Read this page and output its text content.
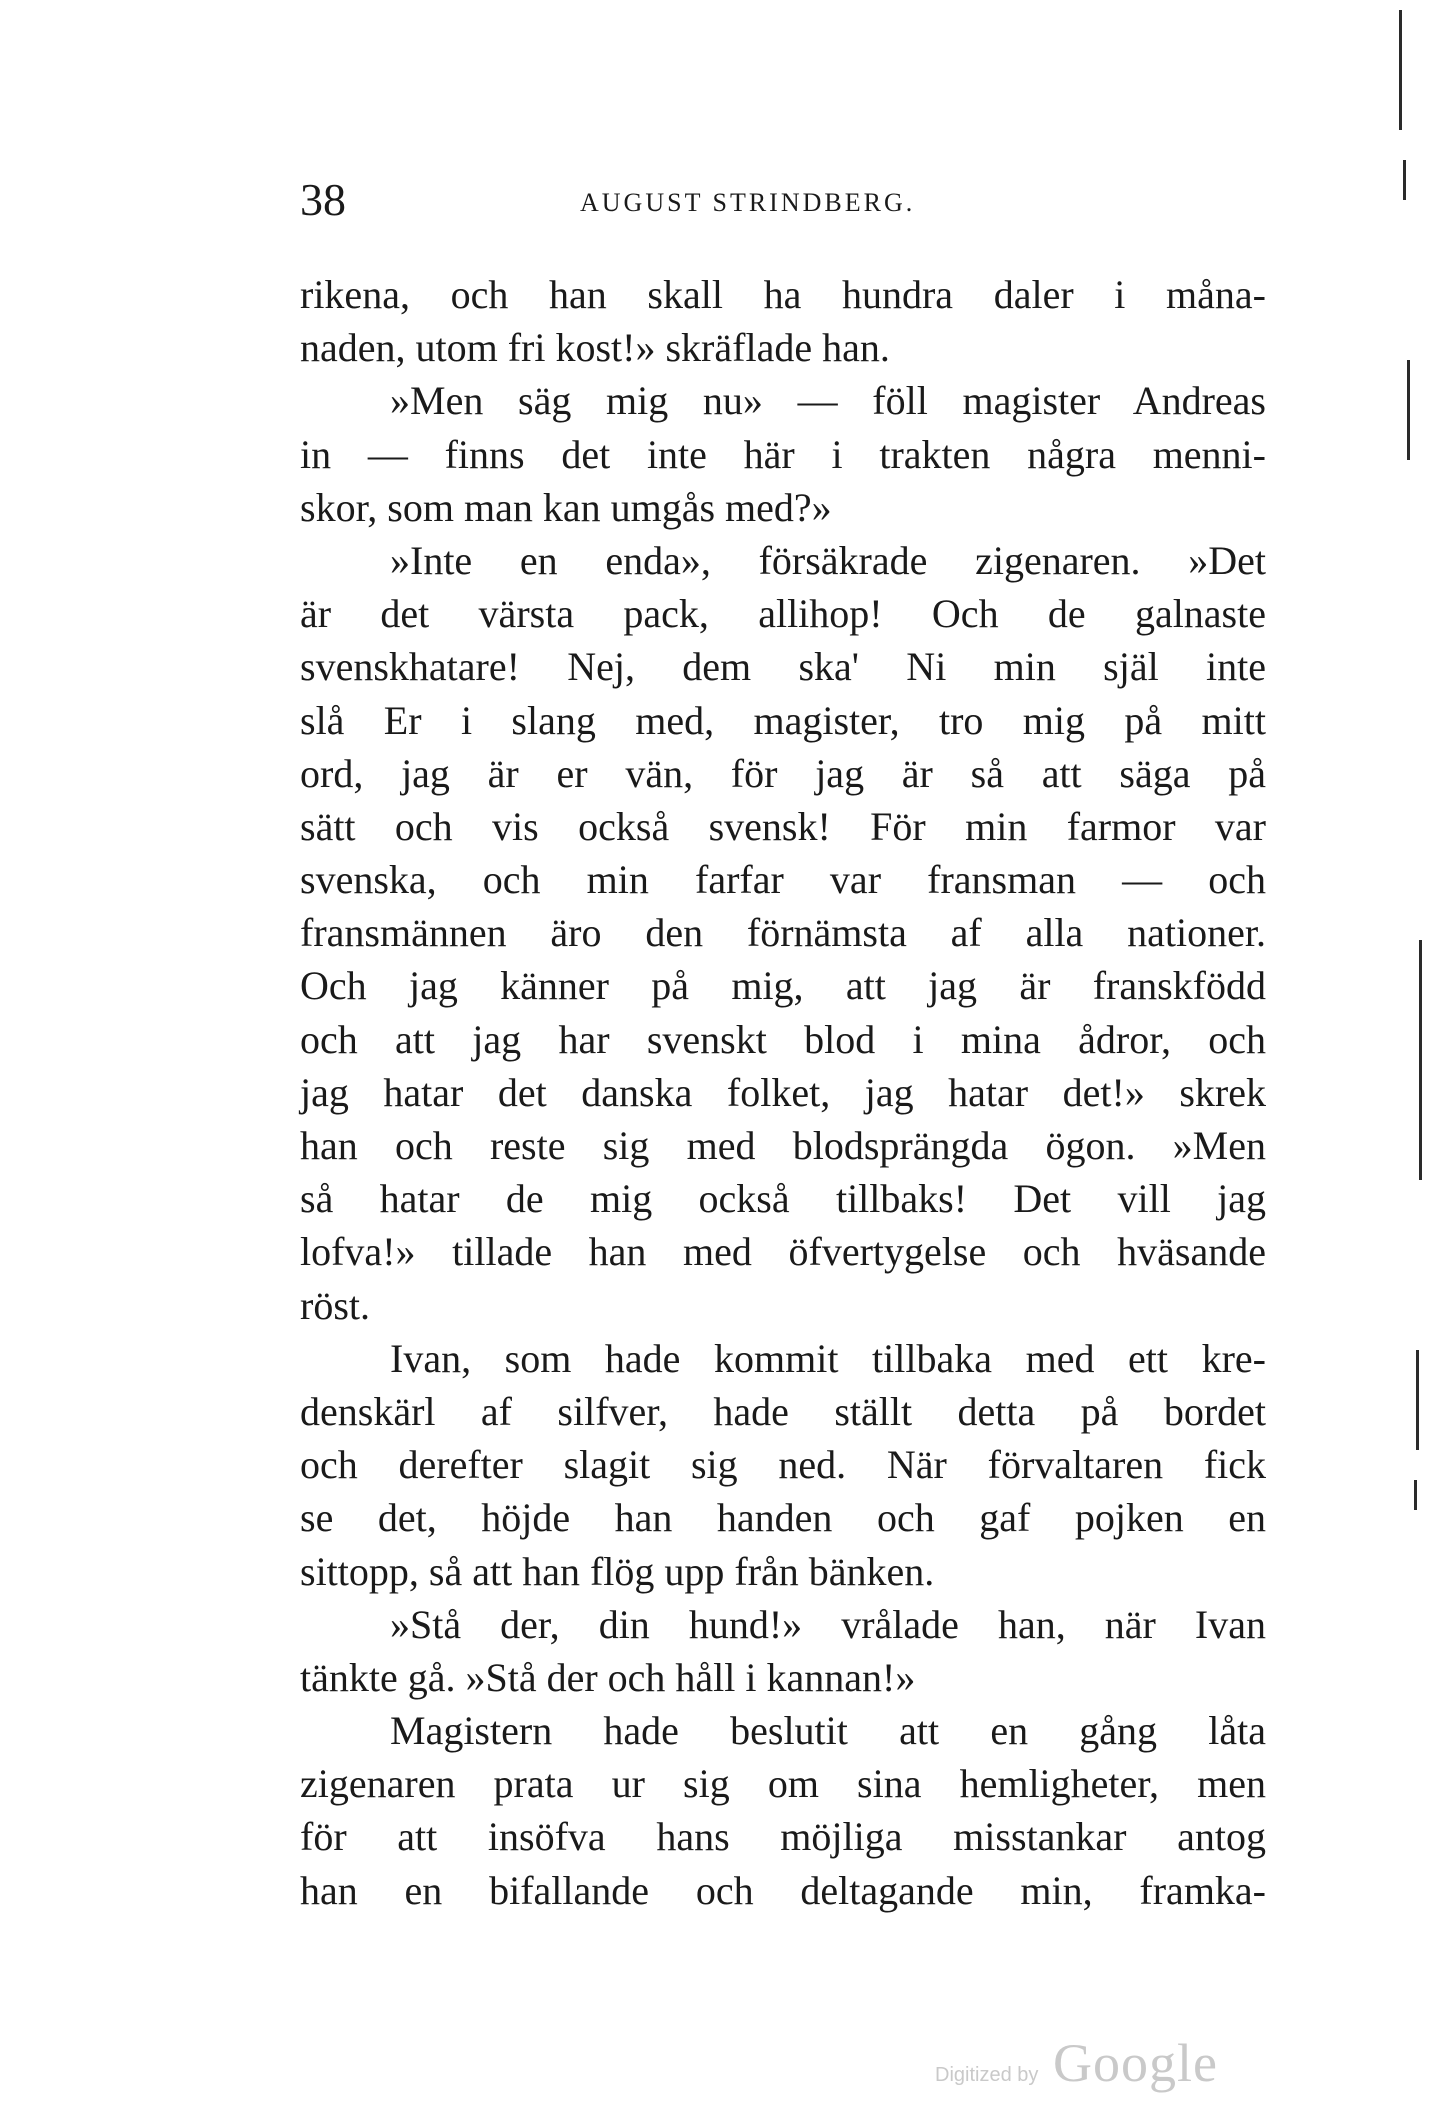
38	AUGUST STRINDBERG.
rikena, och han skall ha hundra daler i måna-
naden, utom fri kost!» skräflade han.
»Men säg mig nu» — föll magister Andreas
in — finns det inte här i trakten några menni-
skor, som man kan umgås med?»
»Inte en enda», försäkrade zigenaren. »Det
är det värsta pack, allihop! Och de galnaste
svenskhatare! Nej, dem ska' Ni min själ inte
slå Er i slang med, magister, tro mig på mitt
ord, jag är er vän, för jag är så att säga på
sätt och vis också svensk! För min farmor var
svenska, och min farfar var fransman — och
fransmännen äro den förnämsta af alla nationer.
Och jag känner på mig, att jag är franskfödd
och att jag har svenskt blod i mina ådror, och
jag hatar det danska folket, jag hatar det!» skrek
han och reste sig med blodsprängda ögon. »Men
så hatar de mig också tillbaks! Det vill jag
lofva!» tillade han med öfvertygelse och hväsande
röst.
Ivan, som hade kommit tillbaka med ett kre-
denskärl af silfver, hade ställt detta på bordet
och derefter slagit sig ned. När förvaltaren fick
se det, höjde han handen och gaf pojken en
sittopp, så att han flög upp från bänken.
»Stå der, din hund!» vrålade han, när Ivan
tänkte gå. »Stå der och håll i kannan!»
Magistern hade beslutit att en gång låta
zigenaren prata ur sig om sina hemligheter, men
för att insöfva hans möjliga misstankar antog
han en bifallande och deltagande min, framka-
Digitized by Google
